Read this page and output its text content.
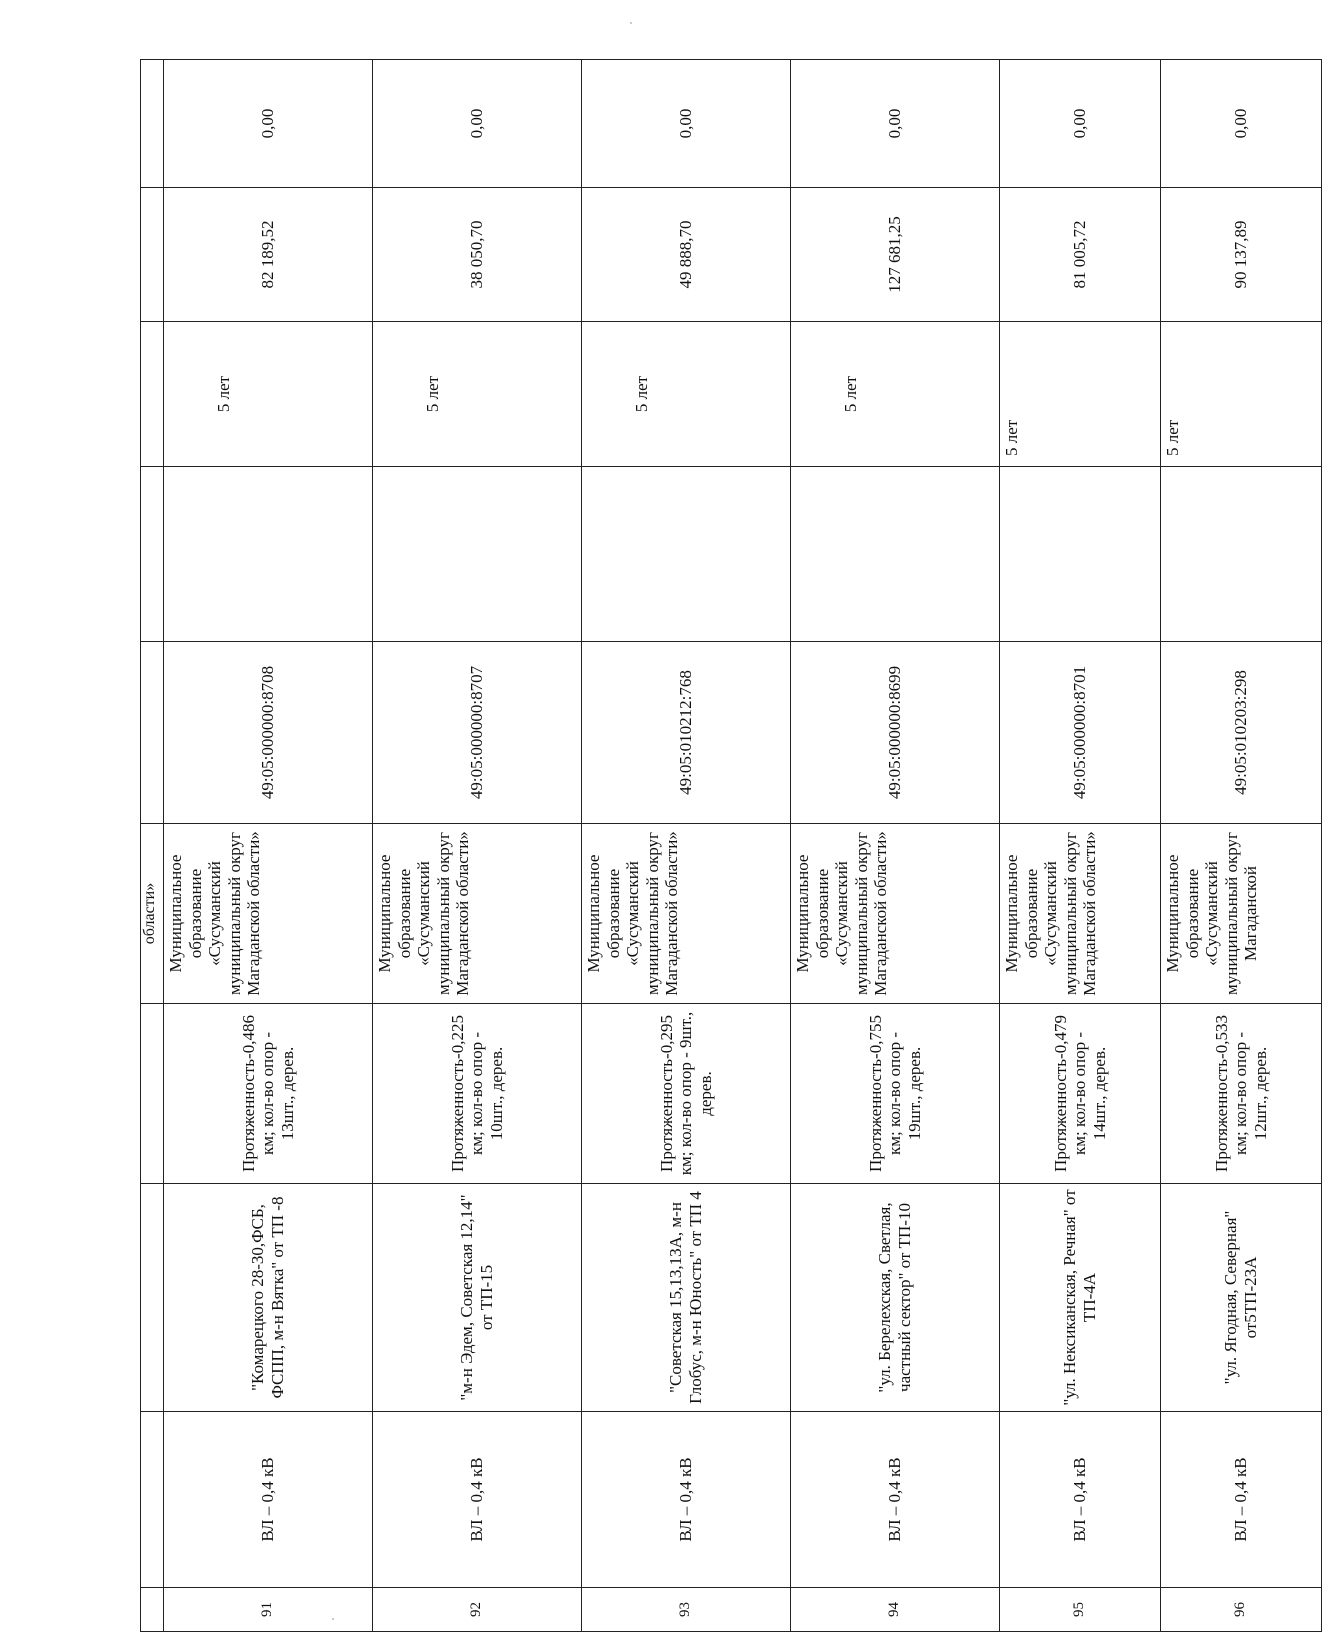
				области»					
91	ВЛ – 0,4 кВ	"Комарецкого 28-30,ФСБ, ФСПП, м-н Вятка" от ТП -8	Протяженность-0,486 км; кол-во опор - 13шт., дерев.	Муниципальное образование «Сусуманский муниципальный округ Магаданской области»	49:05:000000:8708		5 лет	82 189,52	0,00
92	ВЛ – 0,4 кВ	"м-н Эдем, Советская 12,14" от ТП-15	Протяженность-0,225 км; кол-во опор - 10шт., дерев.	Муниципальное образование «Сусуманский муниципальный округ Магаданской области»	49:05:000000:8707		5 лет	38 050,70	0,00
93	ВЛ – 0,4 кВ	"Советская 15,13,13А, м-н Глобус, м-н Юность" от ТП 4	Протяженность-0,295 км; кол-во опор - 9шт., дерев.	Муниципальное образование «Сусуманский муниципальный округ Магаданской области»	49:05:010212:768		5 лет	49 888,70	0,00
94	ВЛ – 0,4 кВ	"ул. Берелехская, Светлая, частный сектор" от ТП-10	Протяженность-0,755 км; кол-во опор - 19шт., дерев.	Муниципальное образование «Сусуманский муниципальный округ Магаданской области»	49:05:000000:8699		5 лет	127 681,25	0,00
95	ВЛ – 0,4 кВ	"ул. Нексиканская, Речная" от ТП-4А	Протяженность-0,479 км; кол-во опор - 14шт., дерев.	Муниципальное образование «Сусуманский муниципальный округ Магаданской области»	49:05:000000:8701		5 лет	81 005,72	0,00
96	ВЛ – 0,4 кВ	"ул. Ягодная, Северная" от5ТП-23А	Протяженность-0,533 км; кол-во опор - 12шт., дерев.	Муниципальное образование «Сусуманский муниципальный округ Магаданской	49:05:010203:298		5 лет	90 137,89	0,00
